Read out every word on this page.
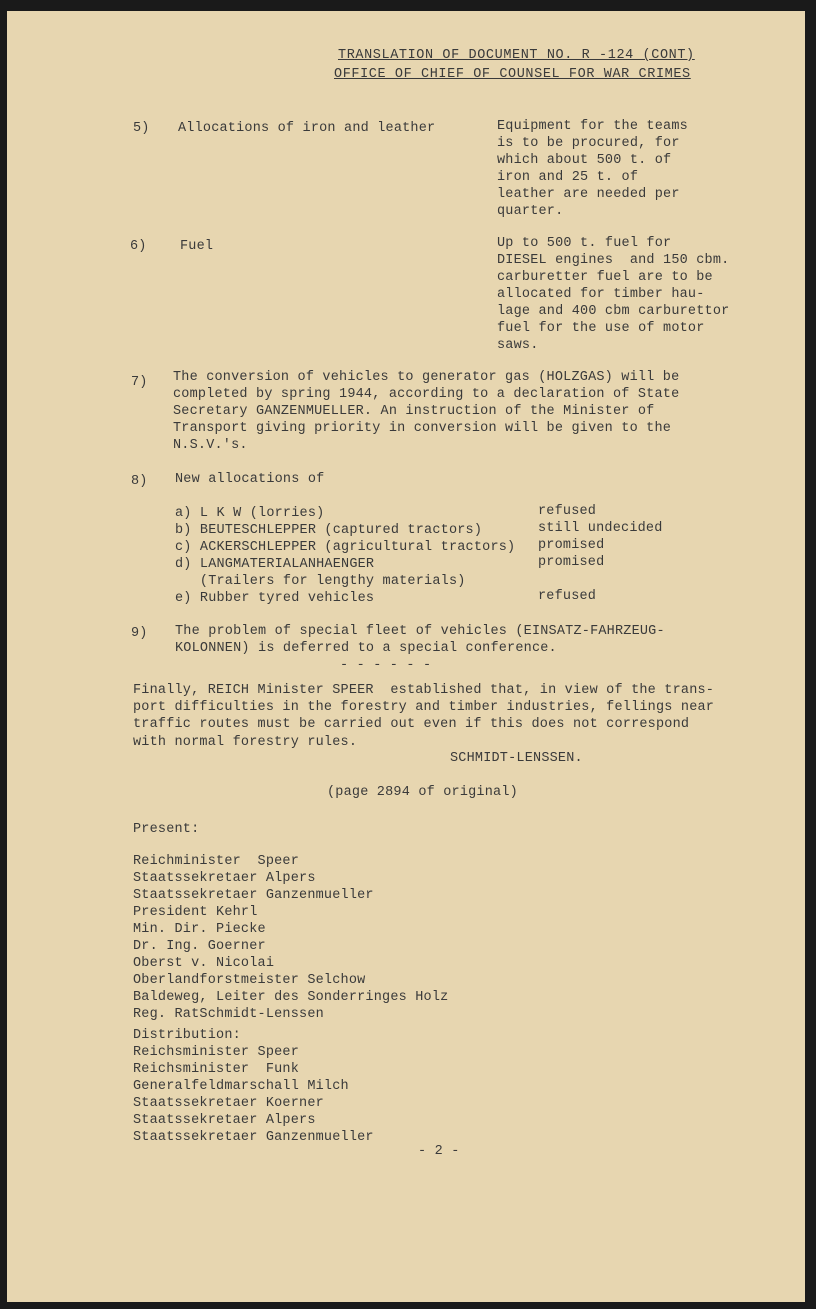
TRANSLATION OF DOCUMENT NO. R -124 (CONT)
OFFICE OF CHIEF OF COUNSEL FOR WAR CRIMES
5) Allocations of iron and leather	Equipment for the teams
is to be procured, for
which about 500 t. of
iron and 25 t. of
leather are needed per
quarter.
6) Fuel	Up to 500 t. fuel for
DIESEL engines  and 150 cbm.
carburetter fuel are to be
allocated for timber hau-
lage and 400 cbm carburettor
fuel for the use of motor
saws.
7) The conversion of vehicles to generator gas (HOLZGAS) will be
completed by spring 1944, according to a declaration of State
Secretary GANZENMUELLER. An instruction of the Minister of
Transport giving priority in conversion will be given to the
N.S.V.'s.
8) New allocations of
a) L K W (lorries)	refused
b) BEUTESCHLEPPER (captured tractors)	still undecided
c) ACKERSCHLEPPER (agricultural tractors) promised
d) LANGMATERIALANHAENGER	promised
(Trailers for lengthy materials)
e) Rubber tyred vehicles	refused
9) The problem of special fleet of vehicles (EINSATZ-FAHRZEUG-
KOLONNEN) is deferred to a special conference.
- - - - - -
Finally, REICH Minister SPEER  established that, in view of the trans-
port difficulties in the forestry and timber industries, fellings near
traffic routes must be carried out even if this does not correspond
with normal forestry rules.
SCHMIDT-LENSSEN.
(page 2894 of original)
Present:
Reichminister  Speer
Staatssekretaer Alpers
Staatssekretaer Ganzenmueller
President Kehrl
Min. Dir. Piecke
Dr. Ing. Goerner
Oberst v. Nicolai
Oberlandforstmeister Selchow
Baldeweg, Leiter des Sonderringes Holz
Reg. RatSchmidt-Lenssen
Distribution:
Reichsminister Speer
Reichsminister  Funk
Generalfeldmarschall Milch
Staatssekretaer Koerner
Staatssekretaer Alpers
Staatssekretaer Ganzenmueller
- 2 -
